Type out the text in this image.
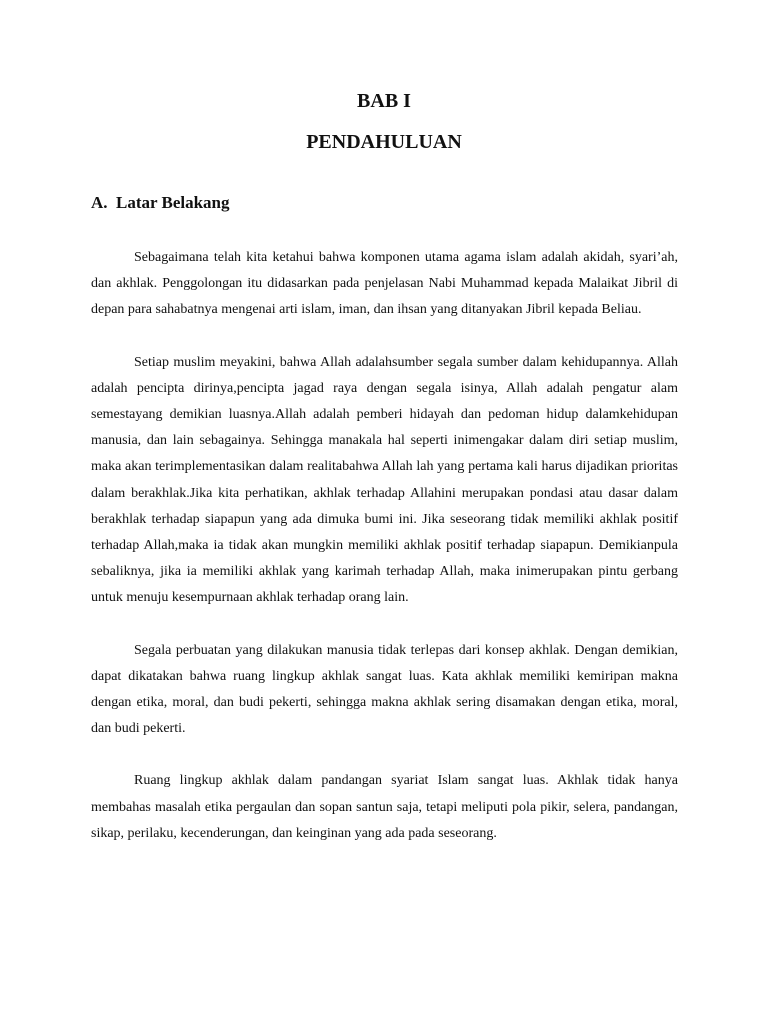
BAB I
PENDAHULUAN
A. Latar Belakang

Sebagaimana telah kita ketahui bahwa komponen utama agama islam adalah akidah, syari’ah, dan akhlak. Penggolongan itu didasarkan pada penjelasan Nabi Muhammad kepada Malaikat Jibril di depan para sahabatnya mengenai arti islam, iman, dan ihsan yang ditanyakan Jibril kepada Beliau.

Setiap muslim meyakini, bahwa Allah adalahsumber segala sumber dalam kehidupannya. Allah adalah pencipta dirinya,pencipta jagad raya dengan segala isinya, Allah adalah pengatur alam semestayang demikian luasnya.Allah adalah pemberi hidayah dan pedoman hidup dalamkehidupan manusia, dan lain sebagainya. Sehingga manakala hal seperti inimengakar dalam diri setiap muslim, maka akan terimplementasikan dalam realitabahwa Allah lah yang pertama kali harus dijadikan prioritas dalam berakhlak.Jika kita perhatikan, akhlak terhadap Allahini merupakan pondasi atau dasar dalam berakhlak terhadap siapapun yang ada dimuka bumi ini. Jika seseorang tidak memiliki akhlak positif terhadap Allah,maka ia tidak akan mungkin memiliki akhlak positif terhadap siapapun. Demikianpula sebaliknya, jika ia memiliki akhlak yang karimah terhadap Allah, maka inimerupakan pintu gerbang untuk menuju kesempurnaan akhlak terhadap orang lain.

Segala perbuatan yang dilakukan manusia tidak terlepas dari konsep akhlak. Dengan demikian, dapat dikatakan bahwa ruang lingkup akhlak sangat luas. Kata akhlak memiliki kemiripan makna dengan etika, moral, dan budi pekerti, sehingga makna akhlak sering disamakan dengan etika, moral, dan budi pekerti.

Ruang lingkup akhlak dalam pandangan syariat Islam sangat luas. Akhlak tidak hanya membahas masalah etika pergaulan dan sopan santun saja, tetapi meliputi pola pikir, selera, pandangan, sikap, perilaku, kecenderungan, dan keinginan yang ada pada seseorang.
